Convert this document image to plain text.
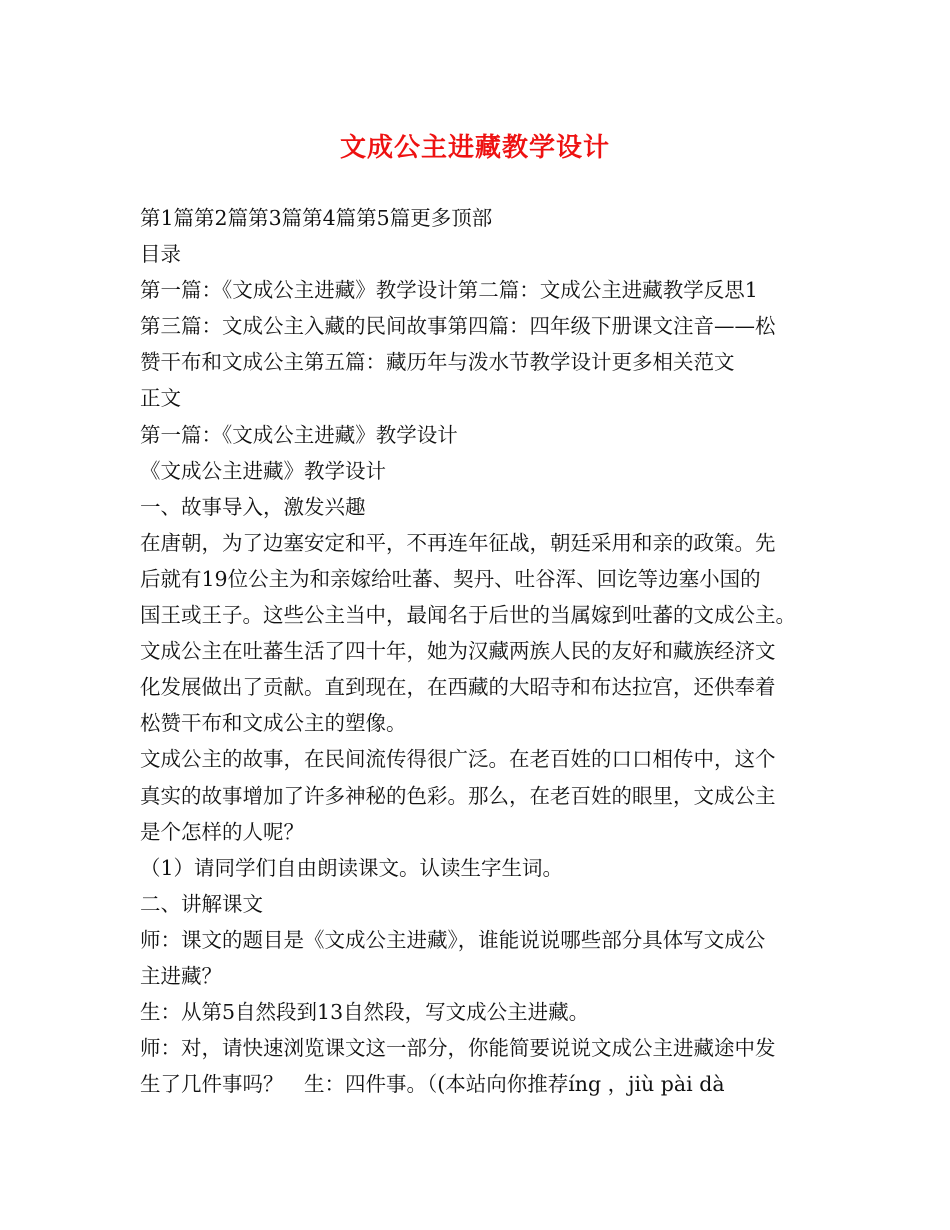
文成公主进藏教学设计
第1篇第2篇第3篇第4篇第5篇更多顶部
目录
第一篇：《文成公主进藏》教学设计第二篇：文成公主进藏教学反思1
第三篇：文成公主入藏的民间故事第四篇：四年级下册课文注音——松
赞干布和文成公主第五篇：藏历年与泼水节教学设计更多相关范文
正文
第一篇：《文成公主进藏》教学设计
《文成公主进藏》教学设计
一、故事导入，激发兴趣
在唐朝，为了边塞安定和平，不再连年征战，朝廷采用和亲的政策。先
后就有19位公主为和亲嫁给吐蕃、契丹、吐谷浑、回讫等边塞小国的
国王或王子。这些公主当中，最闻名于后世的当属嫁到吐蕃的文成公主。
文成公主在吐蕃生活了四十年，她为汉藏两族人民的友好和藏族经济文
化发展做出了贡献。直到现在，在西藏的大昭寺和布达拉宫，还供奉着
松赞干布和文成公主的塑像。
文成公主的故事，在民间流传得很广泛。在老百姓的口口相传中，这个
真实的故事增加了许多神秘的色彩。那么，在老百姓的眼里，文成公主
是个怎样的人呢？
（1）请同学们自由朗读课文。认读生字生词。
二、讲解课文
师：课文的题目是《文成公主进藏》，谁能说说哪些部分具体写文成公
主进藏？
生：从第5自然段到13自然段，写文成公主进藏。
师：对，请快速浏览课文这一部分，你能简要说说文成公主进藏途中发
生了几件事吗？　生：四件事。（(本站向你推荐íng ，jiù pài dà
